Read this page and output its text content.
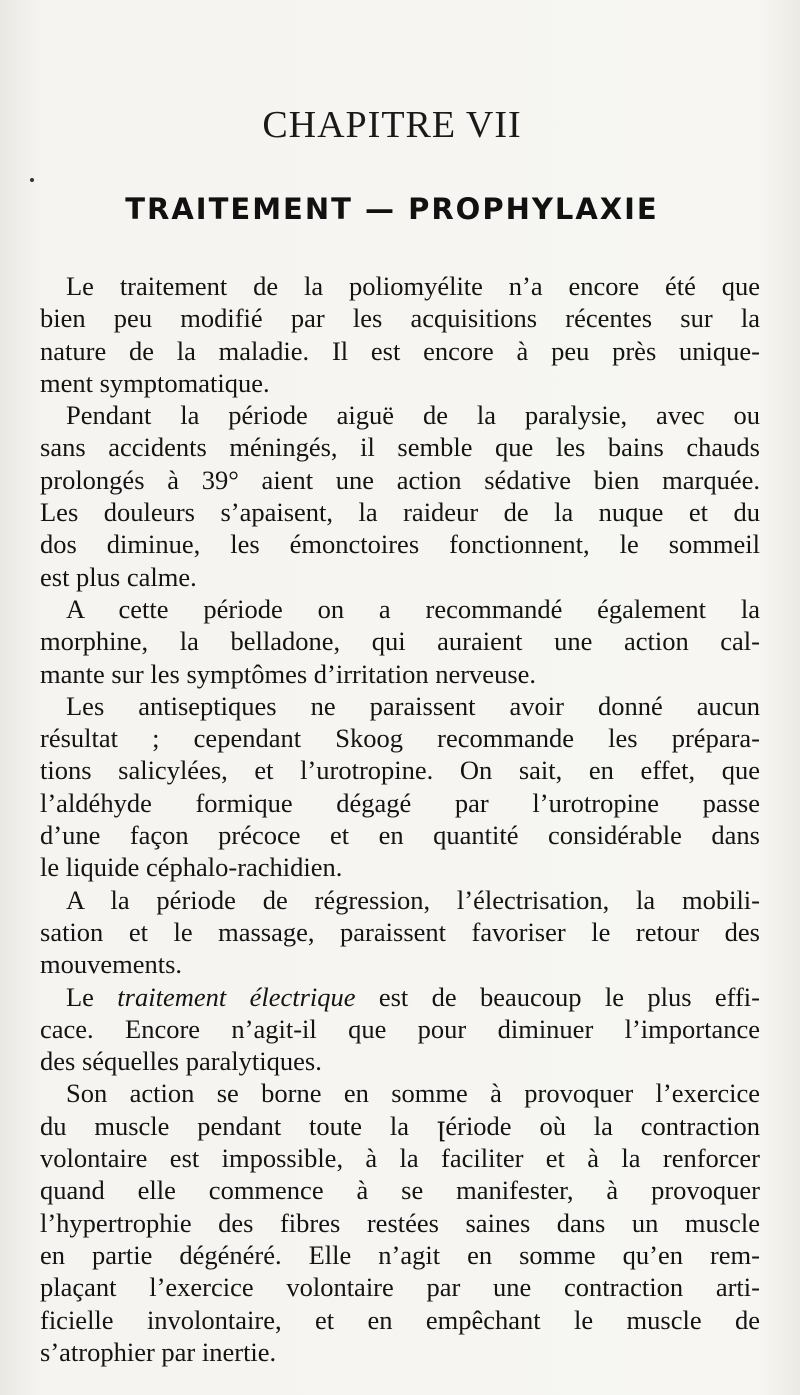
CHAPITRE VII
TRAITEMENT — PROPHYLAXIE
Le traitement de la poliomyélite n’a encore été que
bien peu modifié par les acquisitions récentes sur la
nature de la maladie. Il est encore à peu près unique-
ment symptomatique.
Pendant la période aiguë de la paralysie, avec ou
sans accidents méningés, il semble que les bains chauds
prolongés à 39° aient une action sédative bien marquée.
Les douleurs s’apaisent, la raideur de la nuque et du
dos diminue, les émonctoires fonctionnent, le sommeil
est plus calme.
A cette période on a recommandé également la
morphine, la belladone, qui auraient une action cal-
mante sur les symptômes d’irritation nerveuse.
Les antiseptiques ne paraissent avoir donné aucun
résultat ; cependant Skoog recommande les prépara-
tions salicylées, et l’urotropine. On sait, en effet, que
l’aldéhyde formique dégagé par l’urotropine passe
d’une façon précoce et en quantité considérable dans
le liquide céphalo-rachidien.
A la période de régression, l’électrisation, la mobili-
sation et le massage, paraissent favoriser le retour des
mouvements.
Le traitement électrique est de beaucoup le plus effi-
cace. Encore n’agit-il que pour diminuer l’importance
des séquelles paralytiques.
Son action se borne en somme à provoquer l’exercice
du muscle pendant toute la ꞁériode où la contraction
volontaire est impossible, à la faciliter et à la renforcer
quand elle commence à se manifester, à provoquer
l’hypertrophie des fibres restées saines dans un muscle
en partie dégénéré. Elle n’agit en somme qu’en rem-
plaçant l’exercice volontaire par une contraction arti-
ficielle involontaire, et en empêchant le muscle de
s’atrophier par inertie.
